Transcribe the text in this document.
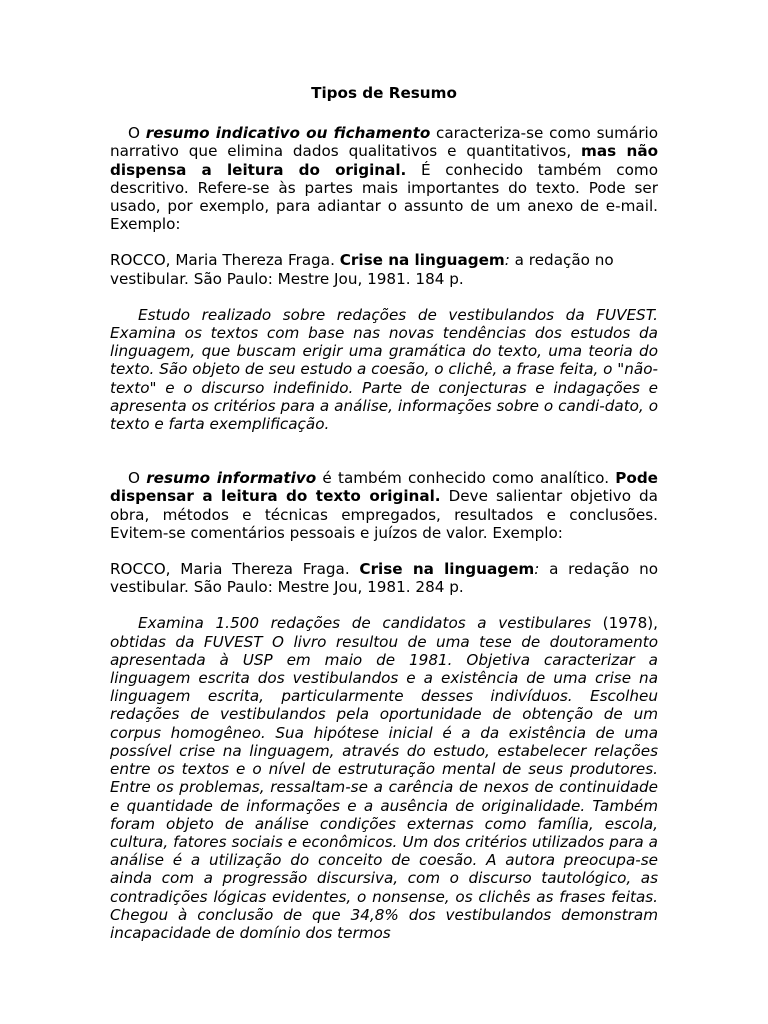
Tipos de Resumo

O resumo indicativo ou fichamento caracteriza-se como sumário narrativo que elimina dados qualitativos e quantitativos, mas não dispensa a leitura do original. É conhecido também como descritivo. Refere-se às partes mais importantes do texto. Pode ser usado, por exemplo, para adiantar o assunto de um anexo de e-mail. Exemplo:

ROCCO, Maria Thereza Fraga. Crise na linguagem: a redação no vestibular. São Paulo: Mestre Jou, 1981. 184 p.

Estudo realizado sobre redações de vestibulandos da FUVEST. Examina os textos com base nas novas tendências dos estudos da linguagem, que buscam erigir uma gramática do texto, uma teoria do texto. São objeto de seu estudo a coesão, o clichê, a frase feita, o "não-texto" e o discurso indefinido. Parte de conjecturas e indagações e apresenta os critérios para a análise, informações sobre o candi-dato, o texto e farta exemplificação.

O resumo informativo é também conhecido como analítico. Pode dispensar a leitura do texto original. Deve salientar objetivo da obra, métodos e técnicas empregados, resultados e conclusões. Evitem-se comentários pessoais e juízos de valor. Exemplo:

ROCCO, Maria Thereza Fraga. Crise na linguagem: a redação no vestibular. São Paulo: Mestre Jou, 1981. 284 p.

Examina 1.500 redações de candidatos a vestibulares (1978), obtidas da FUVEST O livro resultou de uma tese de doutoramento apresentada à USP em maio de 1981. Objetiva caracterizar a linguagem escrita dos vestibulandos e a existência de uma crise na linguagem escrita, particularmente desses indivíduos. Escolheu redações de vestibulandos pela oportunidade de obtenção de um corpus homogêneo. Sua hipótese inicial é a da existência de uma possível crise na linguagem, através do estudo, estabelecer relações entre os textos e o nível de estruturação mental de seus produtores. Entre os problemas, ressaltam-se a carência de nexos de continuidade e quantidade de informações e a ausência de originalidade. Também foram objeto de análise condições externas como família, escola, cultura, fatores sociais e econômicos. Um dos critérios utilizados para a análise é a utilização do conceito de coesão. A autora preocupa-se ainda com a progressão discursiva, com o discurso tautológico, as contradições lógicas evidentes, o nonsense, os clichês as frases feitas. Chegou à conclusão de que 34,8% dos vestibulandos demonstram incapacidade de domínio dos termos
